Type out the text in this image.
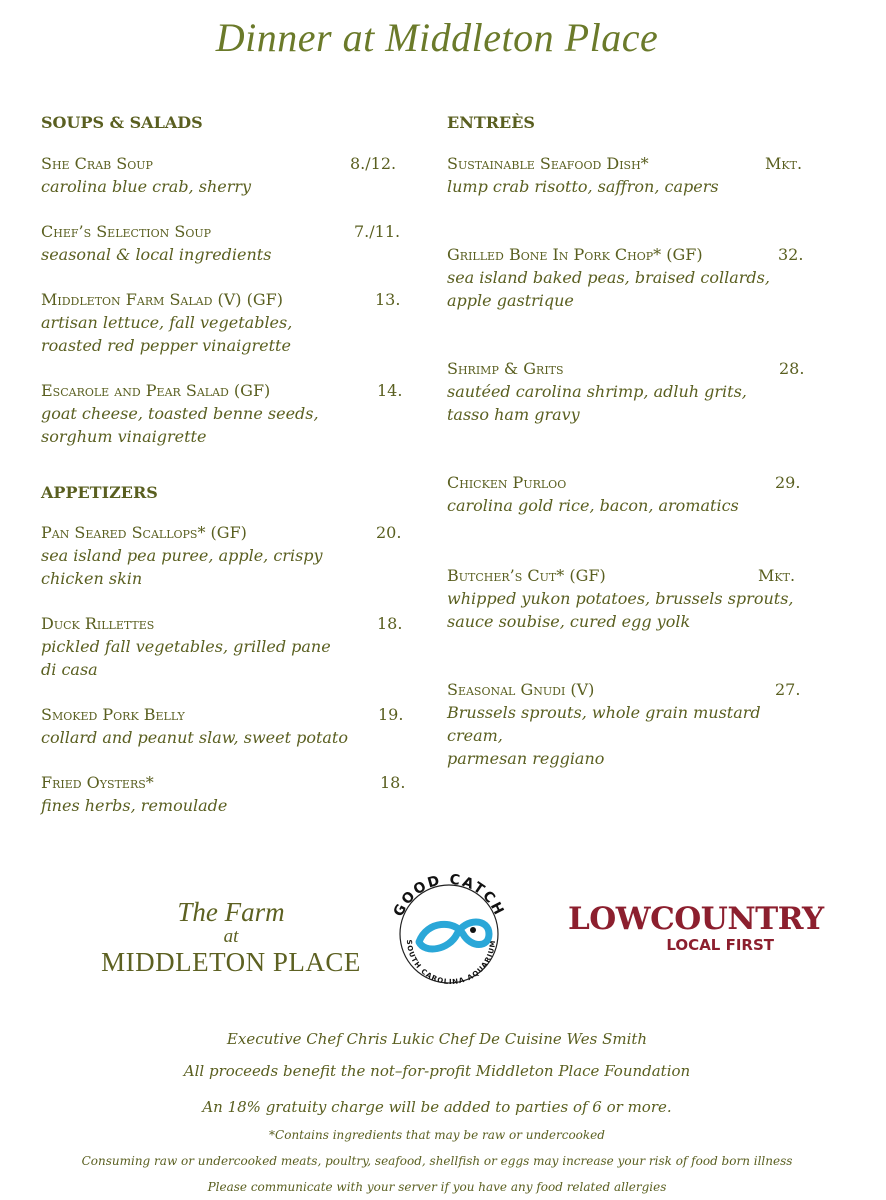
Dinner at Middleton Place
SOUPS & SALADS
She Crab Soup	8./12.
carolina blue crab, sherry
Chef’s Selection Soup	7./11.
seasonal & local ingredients
Middleton Farm Salad (V) (GF)	13.
artisan lettuce, fall vegetables,
roasted red pepper vinaigrette
Escarole and Pear Salad (GF)	14.
goat cheese, toasted benne seeds,
sorghum vinaigrette
APPETIZERS
Pan Seared Scallops* (GF)	20.
sea island pea puree, apple, crispy
chicken skin
Duck Rillettes	18.
pickled fall vegetables, grilled pane
di casa
Smoked Pork Belly	19.
collard and peanut slaw, sweet potato
Fried Oysters*	18.
fines herbs, remoulade
ENTREÈS
Sustainable Seafood Dish*	Mkt.
lump crab risotto, saffron, capers
Grilled Bone In Pork Chop* (GF)	32.
sea island baked peas, braised collards,
apple gastrique
Shrimp & Grits	28.
sautéed carolina shrimp, adluh grits,
tasso ham gravy
Chicken Purloo	29.
carolina gold rice, bacon, aromatics
Butcher’s Cut* (GF)	Mkt.
whipped yukon potatoes, brussels sprouts,
sauce soubise, cured egg yolk
Seasonal Gnudi (V)	27.
Brussels sprouts, whole grain mustard cream,
parmesan reggiano
The Farm
at
MIDDLETON PLACE
GOOD CATCH
SOUTH CAROLINA AQUARIUM
LOWCOUNTRY
LOCAL FIRST
Executive Chef Chris Lukic Chef De Cuisine Wes Smith
All proceeds benefit the not–for-profit Middleton Place Foundation
An 18% gratuity charge will be added to parties of 6 or more.
*Contains ingredients that may be raw or undercooked
Consuming raw or undercooked meats, poultry, seafood, shellfish or eggs may increase your risk of food born illness
Please communicate with your server if you have any food related allergies
